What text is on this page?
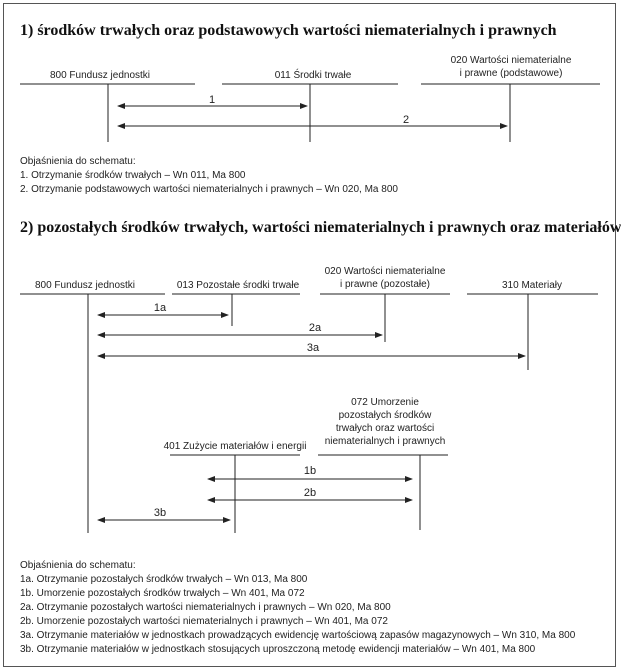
1) środków trwałych oraz podstawowych wartości niematerialnych i prawnych
800 Fundusz jednostki	011 Środki trwałe
020 Wartości niematerialne
i prawne (podstawowe)
1
2
Objaśnienia do schematu:
1. Otrzymanie środków trwałych – Wn 011, Ma 800
2. Otrzymanie podstawowych wartości niematerialnych i prawnych – Wn 020, Ma 800
2) pozostałych środków trwałych, wartości niematerialnych i prawnych oraz materiałów
800 Fundusz jednostki	013 Pozostałe środki trwałe
020 Wartości niematerialne
i prawne (pozostałe)	310 Materiały
1a
2a
3a
072 Umorzenie
pozostałych środków
trwałych oraz wartości
niematerialnych i prawnych
401 Zużycie materiałów i energii
1b
2b
3b
Objaśnienia do schematu:
1a. Otrzymanie pozostałych środków trwałych – Wn 013, Ma 800
1b. Umorzenie pozostałych środków trwałych – Wn 401, Ma 072
2a. Otrzymanie pozostałych wartości niematerialnych i prawnych – Wn 020, Ma 800
2b. Umorzenie pozostałych wartości niematerialnych i prawnych – Wn 401, Ma 072
3a. Otrzymanie materiałów w jednostkach prowadzących ewidencję wartościową zapasów magazynowych – Wn 310, Ma 800
3b. Otrzymanie materiałów w jednostkach stosujących uproszczoną metodę ewidencji materiałów – Wn 401, Ma 800
